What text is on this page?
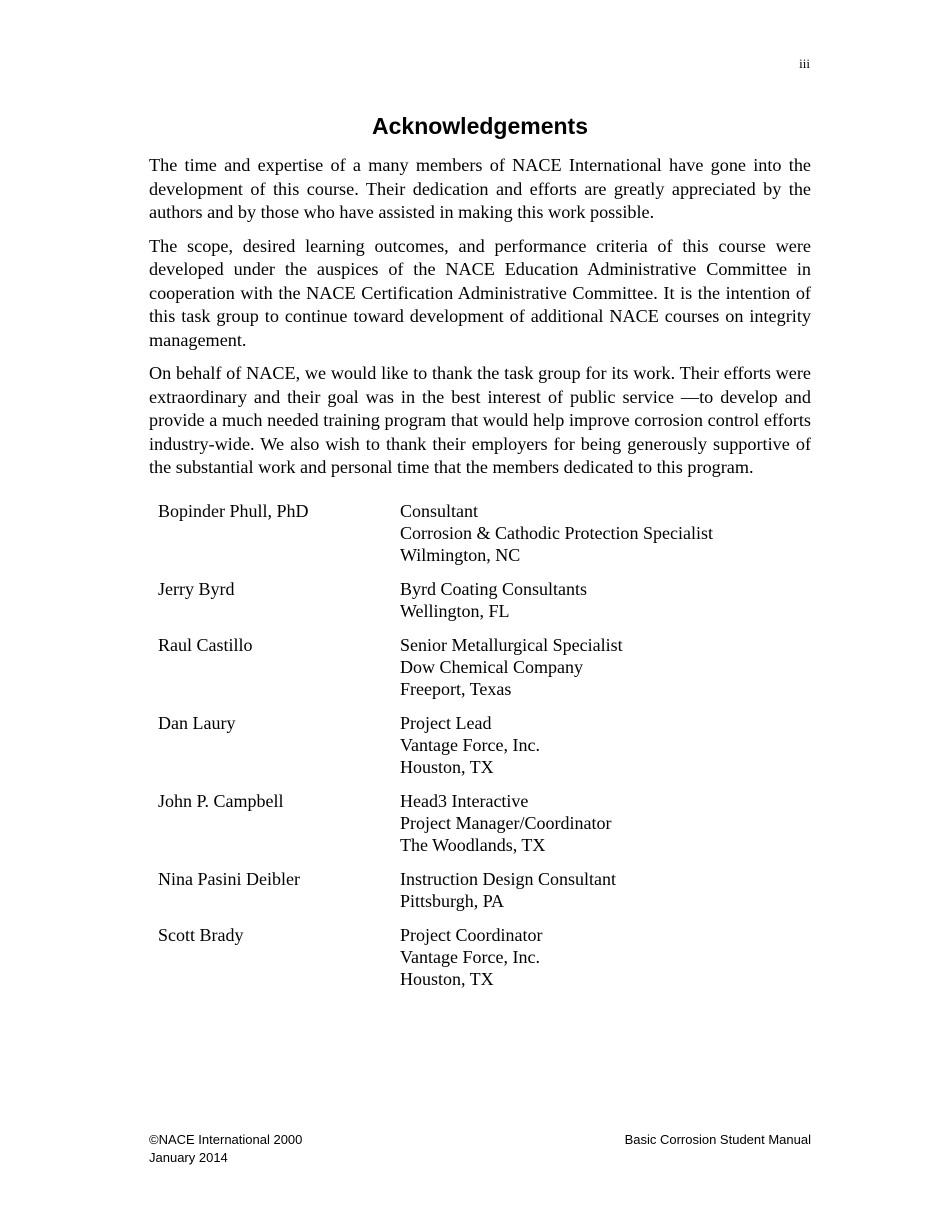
iii
Acknowledgements

The time and expertise of a many members of NACE International have gone into the development of this course. Their dedication and efforts are greatly appreciated by the authors and by those who have assisted in making this work possible.

The scope, desired learning outcomes, and performance criteria of this course were developed under the auspices of the NACE Education Administrative Committee in cooperation with the NACE Certification Administrative Committee. It is the intention of this task group to continue toward development of additional NACE courses on integrity management.

On behalf of NACE, we would like to thank the task group for its work. Their efforts were extraordinary and their goal was in the best interest of public service —to develop and provide a much needed training program that would help improve corrosion control efforts industry-wide. We also wish to thank their employers for being generously supportive of the substantial work and personal time that the members dedicated to this program.

Bopinder Phull, PhD	Consultant
Corrosion & Cathodic Protection Specialist
Wilmington, NC

Jerry Byrd	Byrd Coating Consultants
Wellington, FL

Raul Castillo	Senior Metallurgical Specialist
Dow Chemical Company
Freeport, Texas

Dan Laury	Project Lead
Vantage Force, Inc.
Houston, TX

John P. Campbell	Head3 Interactive
Project Manager/Coordinator
The Woodlands, TX

Nina Pasini Deibler	Instruction Design Consultant
Pittsburgh, PA

Scott Brady	Project Coordinator
Vantage Force, Inc.
Houston, TX
©NACE International 2000
January 2014
Basic Corrosion Student Manual
